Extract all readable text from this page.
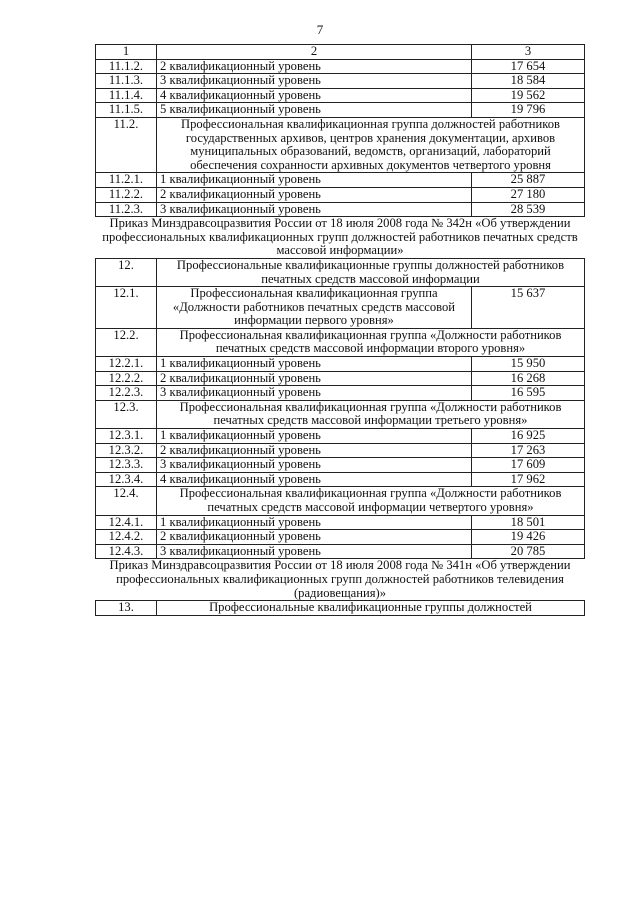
7
1	2	3
11.1.2.	2 квалификационный уровень	17 654
11.1.3.	3 квалификационный уровень	18 584
11.1.4.	4 квалификационный уровень	19 562
11.1.5.	5 квалификационный уровень	19 796
11.2.	Профессиональная квалификационная группа должностей работников государственных архивов, центров хранения документации, архивов муниципальных образований, ведомств, организаций, лабораторий обеспечения сохранности архивных документов четвертого уровня	
11.2.1.	1 квалификационный уровень	25 887
11.2.2.	2 квалификационный уровень	27 180
11.2.3.	3 квалификационный уровень	28 539
Приказ Минздравсоцразвития России от 18 июля 2008 года № 342н «Об утверждении профессиональных квалификационных групп должностей работников печатных средств массовой информации»		
12.	Профессиональные квалификационные группы должностей работников печатных средств массовой информации	
12.1.	Профессиональная квалификационная группа «Должности работников печатных средств массовой информации первого уровня»	15 637
12.2.	Профессиональная квалификационная группа «Должности работников печатных средств массовой информации второго уровня»	
12.2.1.	1 квалификационный уровень	15 950
12.2.2.	2 квалификационный уровень	16 268
12.2.3.	3 квалификационный уровень	16 595
12.3.	Профессиональная квалификационная группа «Должности работников печатных средств массовой информации третьего уровня»	
12.3.1.	1 квалификационный уровень	16 925
12.3.2.	2 квалификационный уровень	17 263
12.3.3.	3 квалификационный уровень	17 609
12.3.4.	4 квалификационный уровень	17 962
12.4.	Профессиональная квалификационная группа «Должности работников печатных средств массовой информации четвертого уровня»	
12.4.1.	1 квалификационный уровень	18 501
12.4.2.	2 квалификационный уровень	19 426
12.4.3.	3 квалификационный уровень	20 785
Приказ Минздравсоцразвития России от 18 июля 2008 года № 341н «Об утверждении профессиональных квалификационных групп должностей работников телевидения (радиовещания)»		
13.	Профессиональные квалификационные группы должностей	
